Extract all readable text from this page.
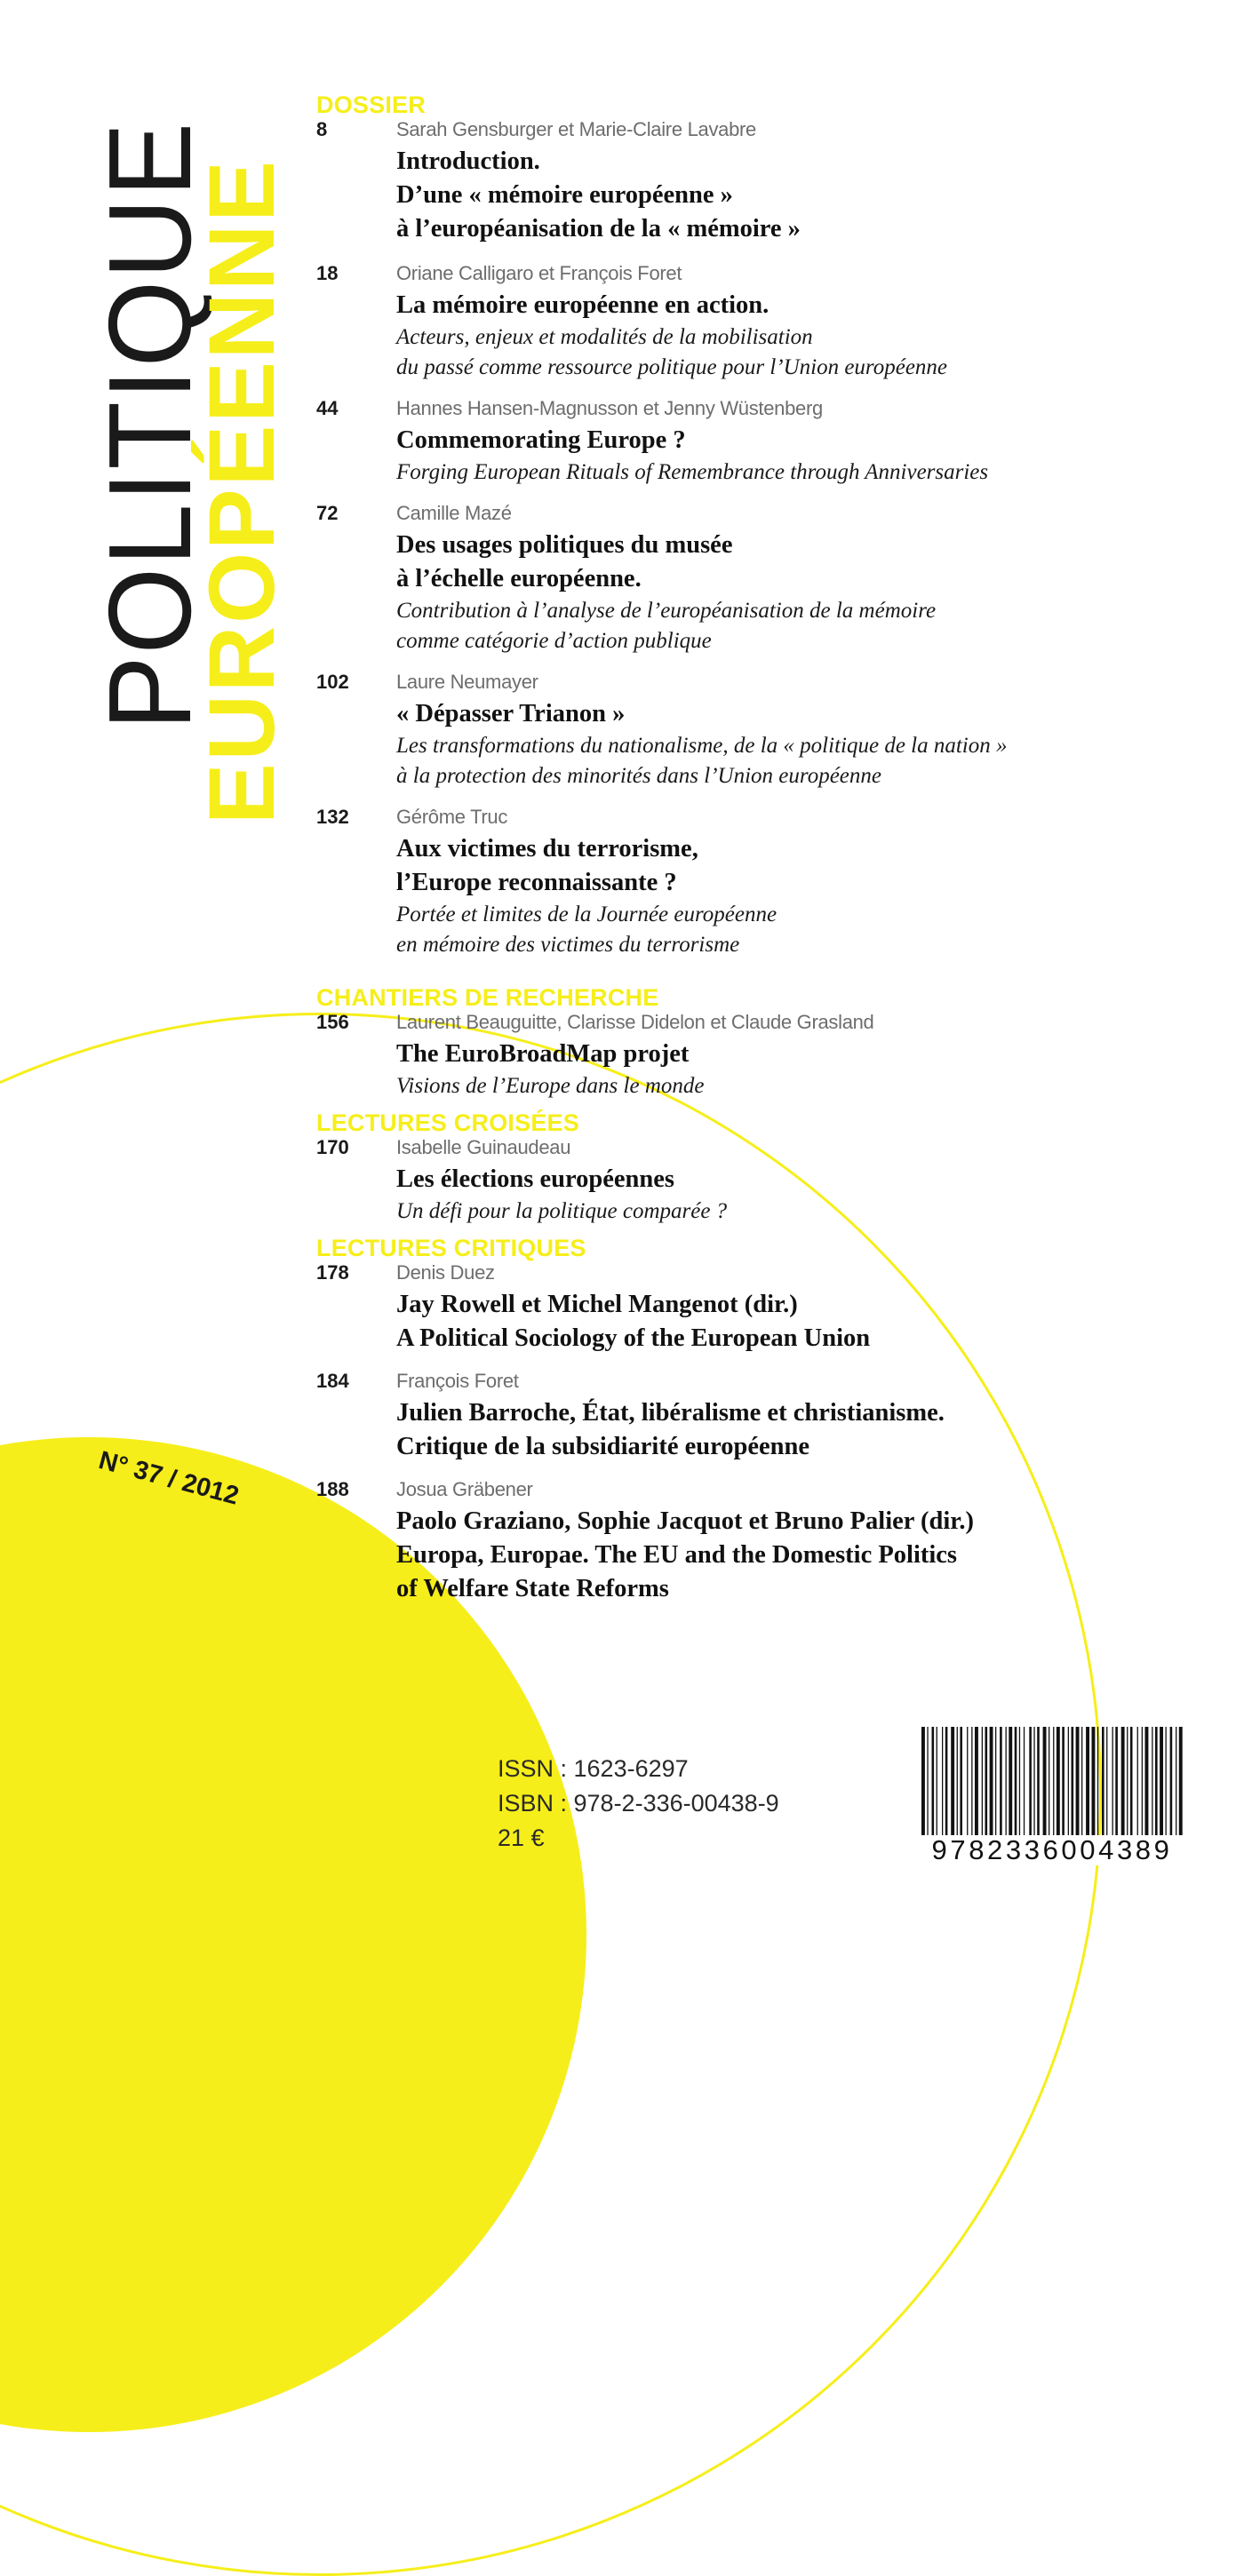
POLITIQUE
EUROPÉENNE
N° 37 / 2012
DOSSIER
8	Sarah Gensburger et Marie-Claire Lavabre
Introduction.
D’une « mémoire européenne »
à l’européanisation de la « mémoire »
18	Oriane Calligaro et François Foret
La mémoire européenne en action.
Acteurs, enjeux et modalités de la mobilisation
du passé comme ressource politique pour l’Union européenne
44	Hannes Hansen-Magnusson et Jenny Wüstenberg
Commemorating Europe ?
Forging European Rituals of Remembrance through Anniversaries
72	Camille Mazé
Des usages politiques du musée
à l’échelle européenne.
Contribution à l’analyse de l’européanisation de la mémoire
comme catégorie d’action publique
102	Laure Neumayer
« Dépasser Trianon »
Les transformations du nationalisme, de la « politique de la nation »
à la protection des minorités dans l’Union européenne
132	Gérôme Truc
Aux victimes du terrorisme,
l’Europe reconnaissante ?
Portée et limites de la Journée européenne
en mémoire des victimes du terrorisme
CHANTIERS DE RECHERCHE
156	Laurent Beauguitte, Clarisse Didelon et Claude Grasland
The EuroBroadMap projet
Visions de l’Europe dans le monde
LECTURES CROISÉES
170	Isabelle Guinaudeau
Les élections européennes
Un défi pour la politique comparée ?
LECTURES CRITIQUES
178	Denis Duez
Jay Rowell et Michel Mangenot (dir.)
A Political Sociology of the European Union
184	François Foret
Julien Barroche, État, libéralisme et christianisme.
Critique de la subsidiarité européenne
188	Josua Gräbener
Paolo Graziano, Sophie Jacquot et Bruno Palier (dir.)
Europa, Europae. The EU and the Domestic Politics
of Welfare State Reforms
ISSN : 1623-6297
ISBN : 978-2-336-00438-9
21 €	9782336004389
